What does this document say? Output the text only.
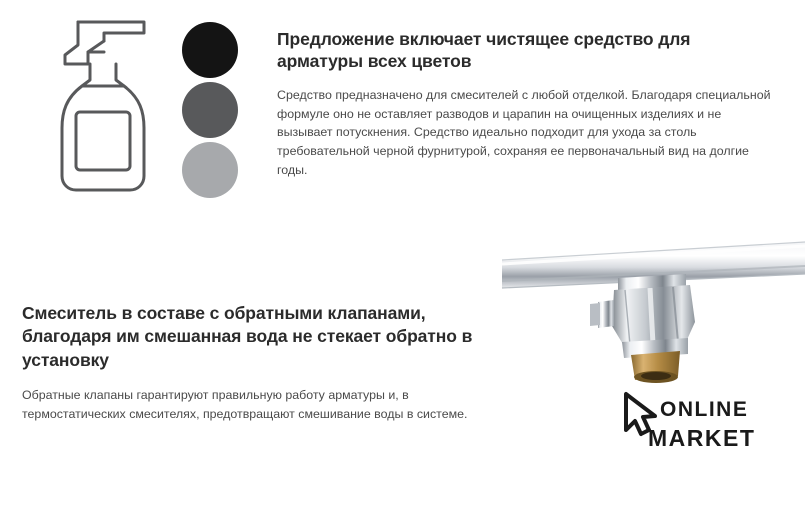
Предложение включает чистящее средство для арматуры всех цветов
Средство предназначено для смесителей с любой отделкой. Благодаря специальной формуле оно не оставляет разводов и царапин на очищенных изделиях и не вызывает потускнения. Средство идеально подходит для ухода за столь требовательной черной фурнитурой, сохраняя ее первоначальный вид на долгие годы.
Смеситель в составе с обратными клапанами, благодаря им смешанная вода не стекает обратно в установку
Обратные клапаны гарантируют правильную работу арматуры и, в термостатических смесителях, предотвращают смешивание воды в системе.	ONLINE
MARKET
